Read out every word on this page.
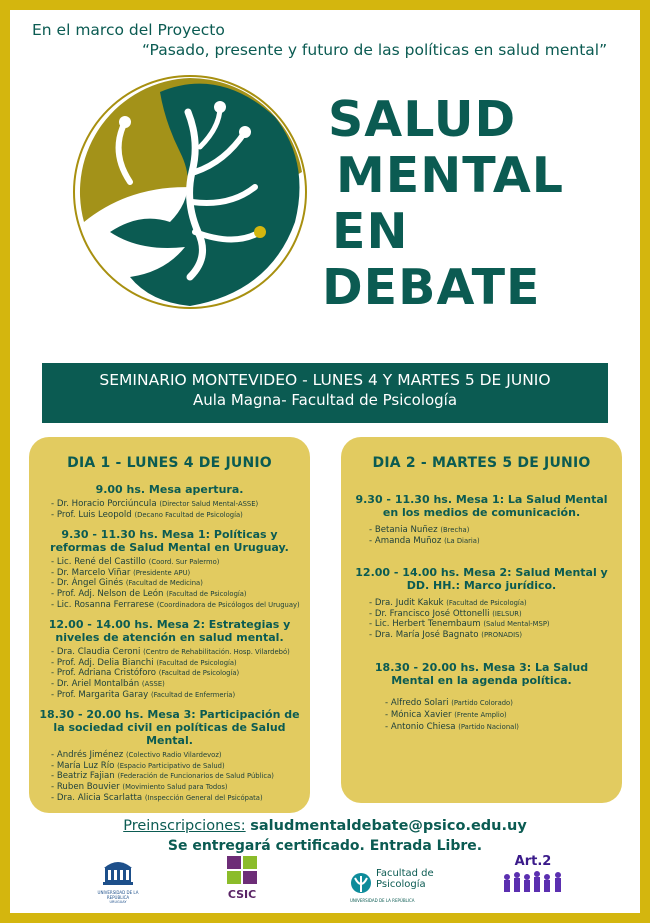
En el marco del Proyecto
“Pasado, presente y futuro de las políticas en salud mental”
SALUD
MENTAL
EN
DEBATE
SEMINARIO MONTEVIDEO - LUNES 4 Y MARTES 5 DE JUNIO
Aula Magna- Facultad de Psicología
DIA 1 - LUNES 4 DE JUNIO
9.00 hs. Mesa apertura.
- Dr. Horacio Porciúncula (Director Salud Mental-ASSE)
- Prof. Luis Leopold (Decano Facultad de Psicología)
9.30 - 11.30 hs. Mesa 1: Políticas y reformas de Salud Mental en Uruguay.
- Lic. René del Castillo (Coord. Sur Palermo)
- Dr. Marcelo Viñar (Presidente APU)
- Dr. Ángel Ginés (Facultad de Medicina)
- Prof. Adj. Nelson de León (Facultad de Psicología)
- Lic. Rosanna Ferrarese (Coordinadora de Psicólogos del Uruguay)
12.00 - 14.00 hs. Mesa 2: Estrategias y niveles de atención en salud mental.
- Dra. Claudia Ceroni (Centro de Rehabilitación. Hosp. Vilardebó)
- Prof. Adj. Delia Bianchi (Facultad de Psicología)
- Prof. Adriana Cristóforo (Facultad de Psicología)
- Dr. Ariel Montalbán (ASSE)
- Prof. Margarita Garay (Facultad de Enfermería)
18.30 - 20.00 hs. Mesa 3: Participación de la sociedad civil en políticas de Salud Mental.
- Andrés Jiménez (Colectivo Radio Vilardevoz)
- María Luz Río (Espacio Participativo de Salud)
- Beatriz Fajian (Federación de Funcionarios de Salud Pública)
- Ruben Bouvier (Movimiento Salud para Todos)
- Dra. Alicia Scarlatta (Inspección General del Psicópata)
DIA 2 - MARTES 5 DE JUNIO
9.30 - 11.30 hs. Mesa 1: La Salud Mental en los medios de comunicación.
- Betania Nuñez (Brecha)
- Amanda Muñoz (La Diaria)
12.00 - 14.00 hs. Mesa 2: Salud Mental y DD. HH.: Marco jurídico.
- Dra. Judit Kakuk (Facultad de Psicología)
- Dr. Francisco José Ottonelli (IELSUR)
- Lic. Herbert Tenembaum (Salud Mental-MSP)
- Dra. María José Bagnato (PRONADIS)
18.30 - 20.00 hs. Mesa 3: La Salud Mental en la agenda política.
- Alfredo Solari (Partido Colorado)
- Mónica Xavier (Frente Amplio)
- Antonio Chiesa (Partido Nacional)
Preinscripciones: saludmentaldebate@psico.edu.uy
Se entregará certificado. Entrada Libre.
UNIVERSIDAD DE LA REPÚBLICA
URUGUAY
CSIC
Facultad de
Psicología
UNIVERSIDAD DE LA REPÚBLICA
Art.2
